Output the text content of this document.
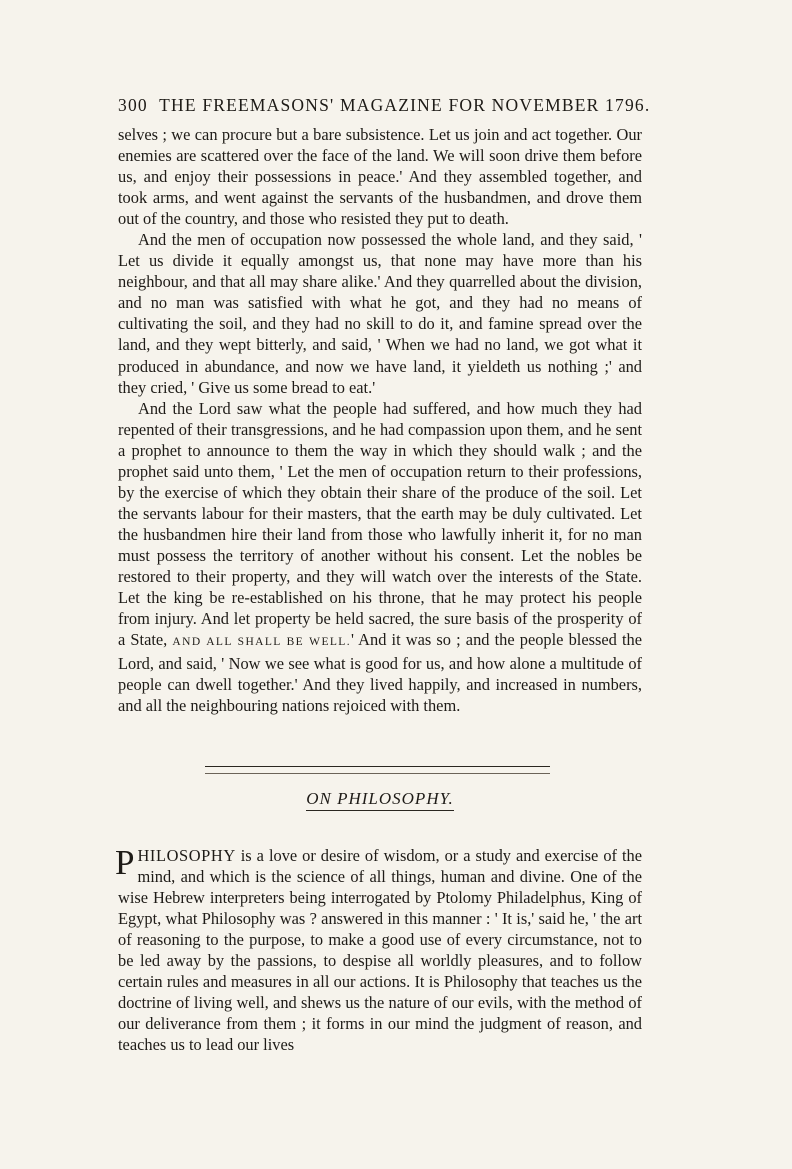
300 THE FREEMASONS' MAGAZINE FOR NOVEMBER 1796.

selves ; we can procure but a bare subsistence. Let us join and act together. Our enemies are scattered over the face of the land. We will soon drive them before us, and enjoy their possessions in peace.' And they assembled together, and took arms, and went against the servants of the husbandmen, and drove them out of the country, and those who resisted they put to death.

And the men of occupation now possessed the whole land, and they said, ' Let us divide it equally amongst us, that none may have more than his neighbour, and that all may share alike.' And they quarrelled about the division, and no man was satisfied with what he got, and they had no means of cultivating the soil, and they had no skill to do it, and famine spread over the land, and they wept bitterly, and said, ' When we had no land, we got what it produced in abundance, and now we have land, it yieldeth us nothing ;' and they cried, ' Give us some bread to eat.'

And the Lord saw what the people had suffered, and how much they had repented of their transgressions, and he had compassion upon them, and he sent a prophet to announce to them the way in which they should walk ; and the prophet said unto them, ' Let the men of occupation return to their professions, by the exercise of which they obtain their share of the produce of the soil. Let the servants labour for their masters, that the earth may be duly cultivated. Let the husbandmen hire their land from those who lawfully inherit it, for no man must possess the territory of another without his consent. Let the nobles be restored to their property, and they will watch over the interests of the State. Let the king be re-established on his throne, that he may protect his people from injury. And let property be held sacred, the sure basis of the prosperity of a State, AND ALL SHALL BE WELL.' And it was so ; and the people blessed the Lord, and said, ' Now we see what is good for us, and how alone a multitude of people can dwell together.' And they lived happily, and increased in numbers, and all the neighbouring nations rejoiced with them.

ON PHILOSOPHY.

PHILOSOPHY is a love or desire of wisdom, or a study and exercise of the mind, and which is the science of all things, human and divine. One of the wise Hebrew interpreters being interrogated by Ptolomy Philadelphus, King of Egypt, what Philosophy was ? answered in this manner : ' It is,' said he, ' the art of reasoning to the purpose, to make a good use of every circumstance, not to be led away by the passions, to despise all worldly pleasures, and to follow certain rules and measures in all our actions. It is Philosophy that teaches us the doctrine of living well, and shews us the nature of our evils, with the method of our deliverance from them ; it forms in our mind the judgment of reason, and teaches us to lead our lives
